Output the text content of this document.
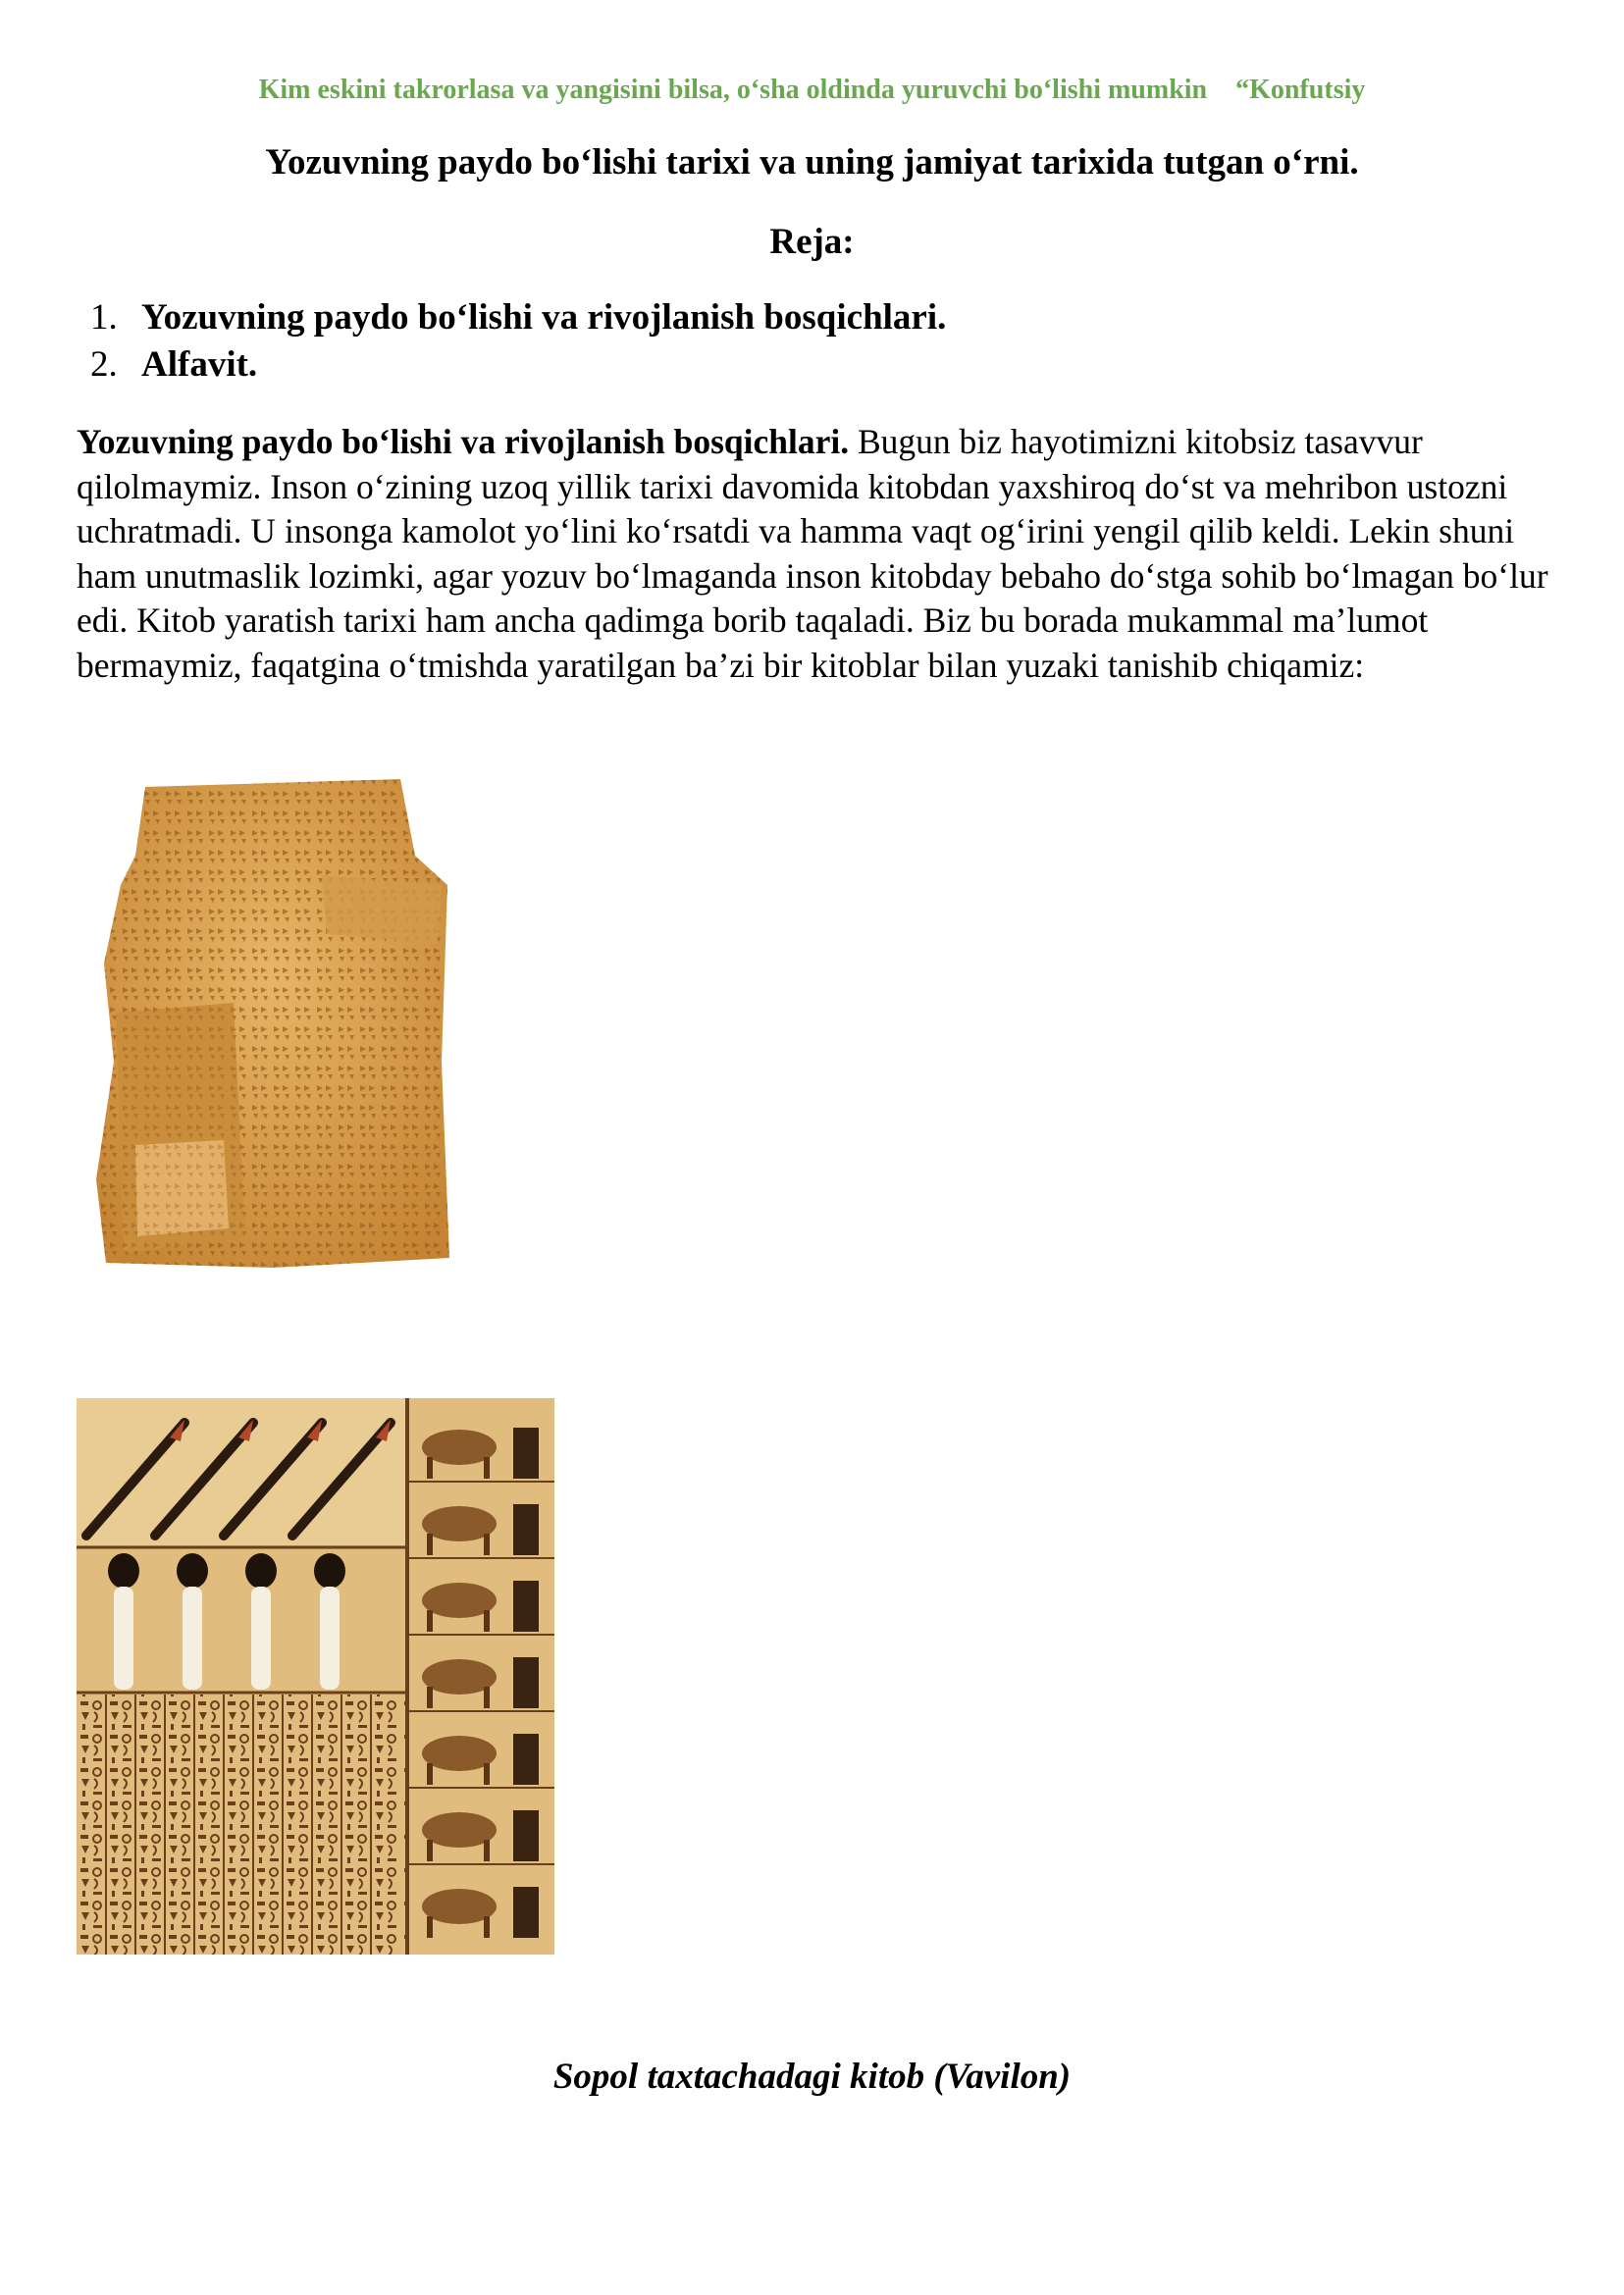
Kim eskini takrorlasa va yangisini bilsa, o‘sha oldinda yuruvchi bo‘lishi mumkin “Konfutsiy
Yozuvning paydo bo‘lishi tarixi va uning jamiyat tarixida tutgan o‘rni.
Reja:
1. Yozuvning paydo bo‘lishi va rivojlanish bosqichlari.
2. Alfavit.

Yozuvning paydo bo‘lishi va rivojlanish bosqichlari. Bugun biz hayotimizni kitobsiz tasavvur qilolmaymiz. Inson o‘zining uzoq yillik tarixi davomida kitobdan yaxshiroq do‘st va mehribon ustozni uchratmadi. U insonga kamolot yo‘lini ko‘rsatdi va hamma vaqt og‘irini yengil qilib keldi. Lekin shuni ham unutmaslik lozimki, agar yozuv bo‘lmaganda inson kitobday bebaho do‘stga sohib bo‘lmagan bo‘lur edi. Kitob yaratish tarixi ham ancha qadimga borib taqaladi. Biz bu borada mukammal ma’lumot bermaymiz, faqatgina o‘tmishda yaratilgan ba’zi bir kitoblar bilan yuzaki tanishib chiqamiz:

Sopol taxtachadagi kitob (Vavilon)
